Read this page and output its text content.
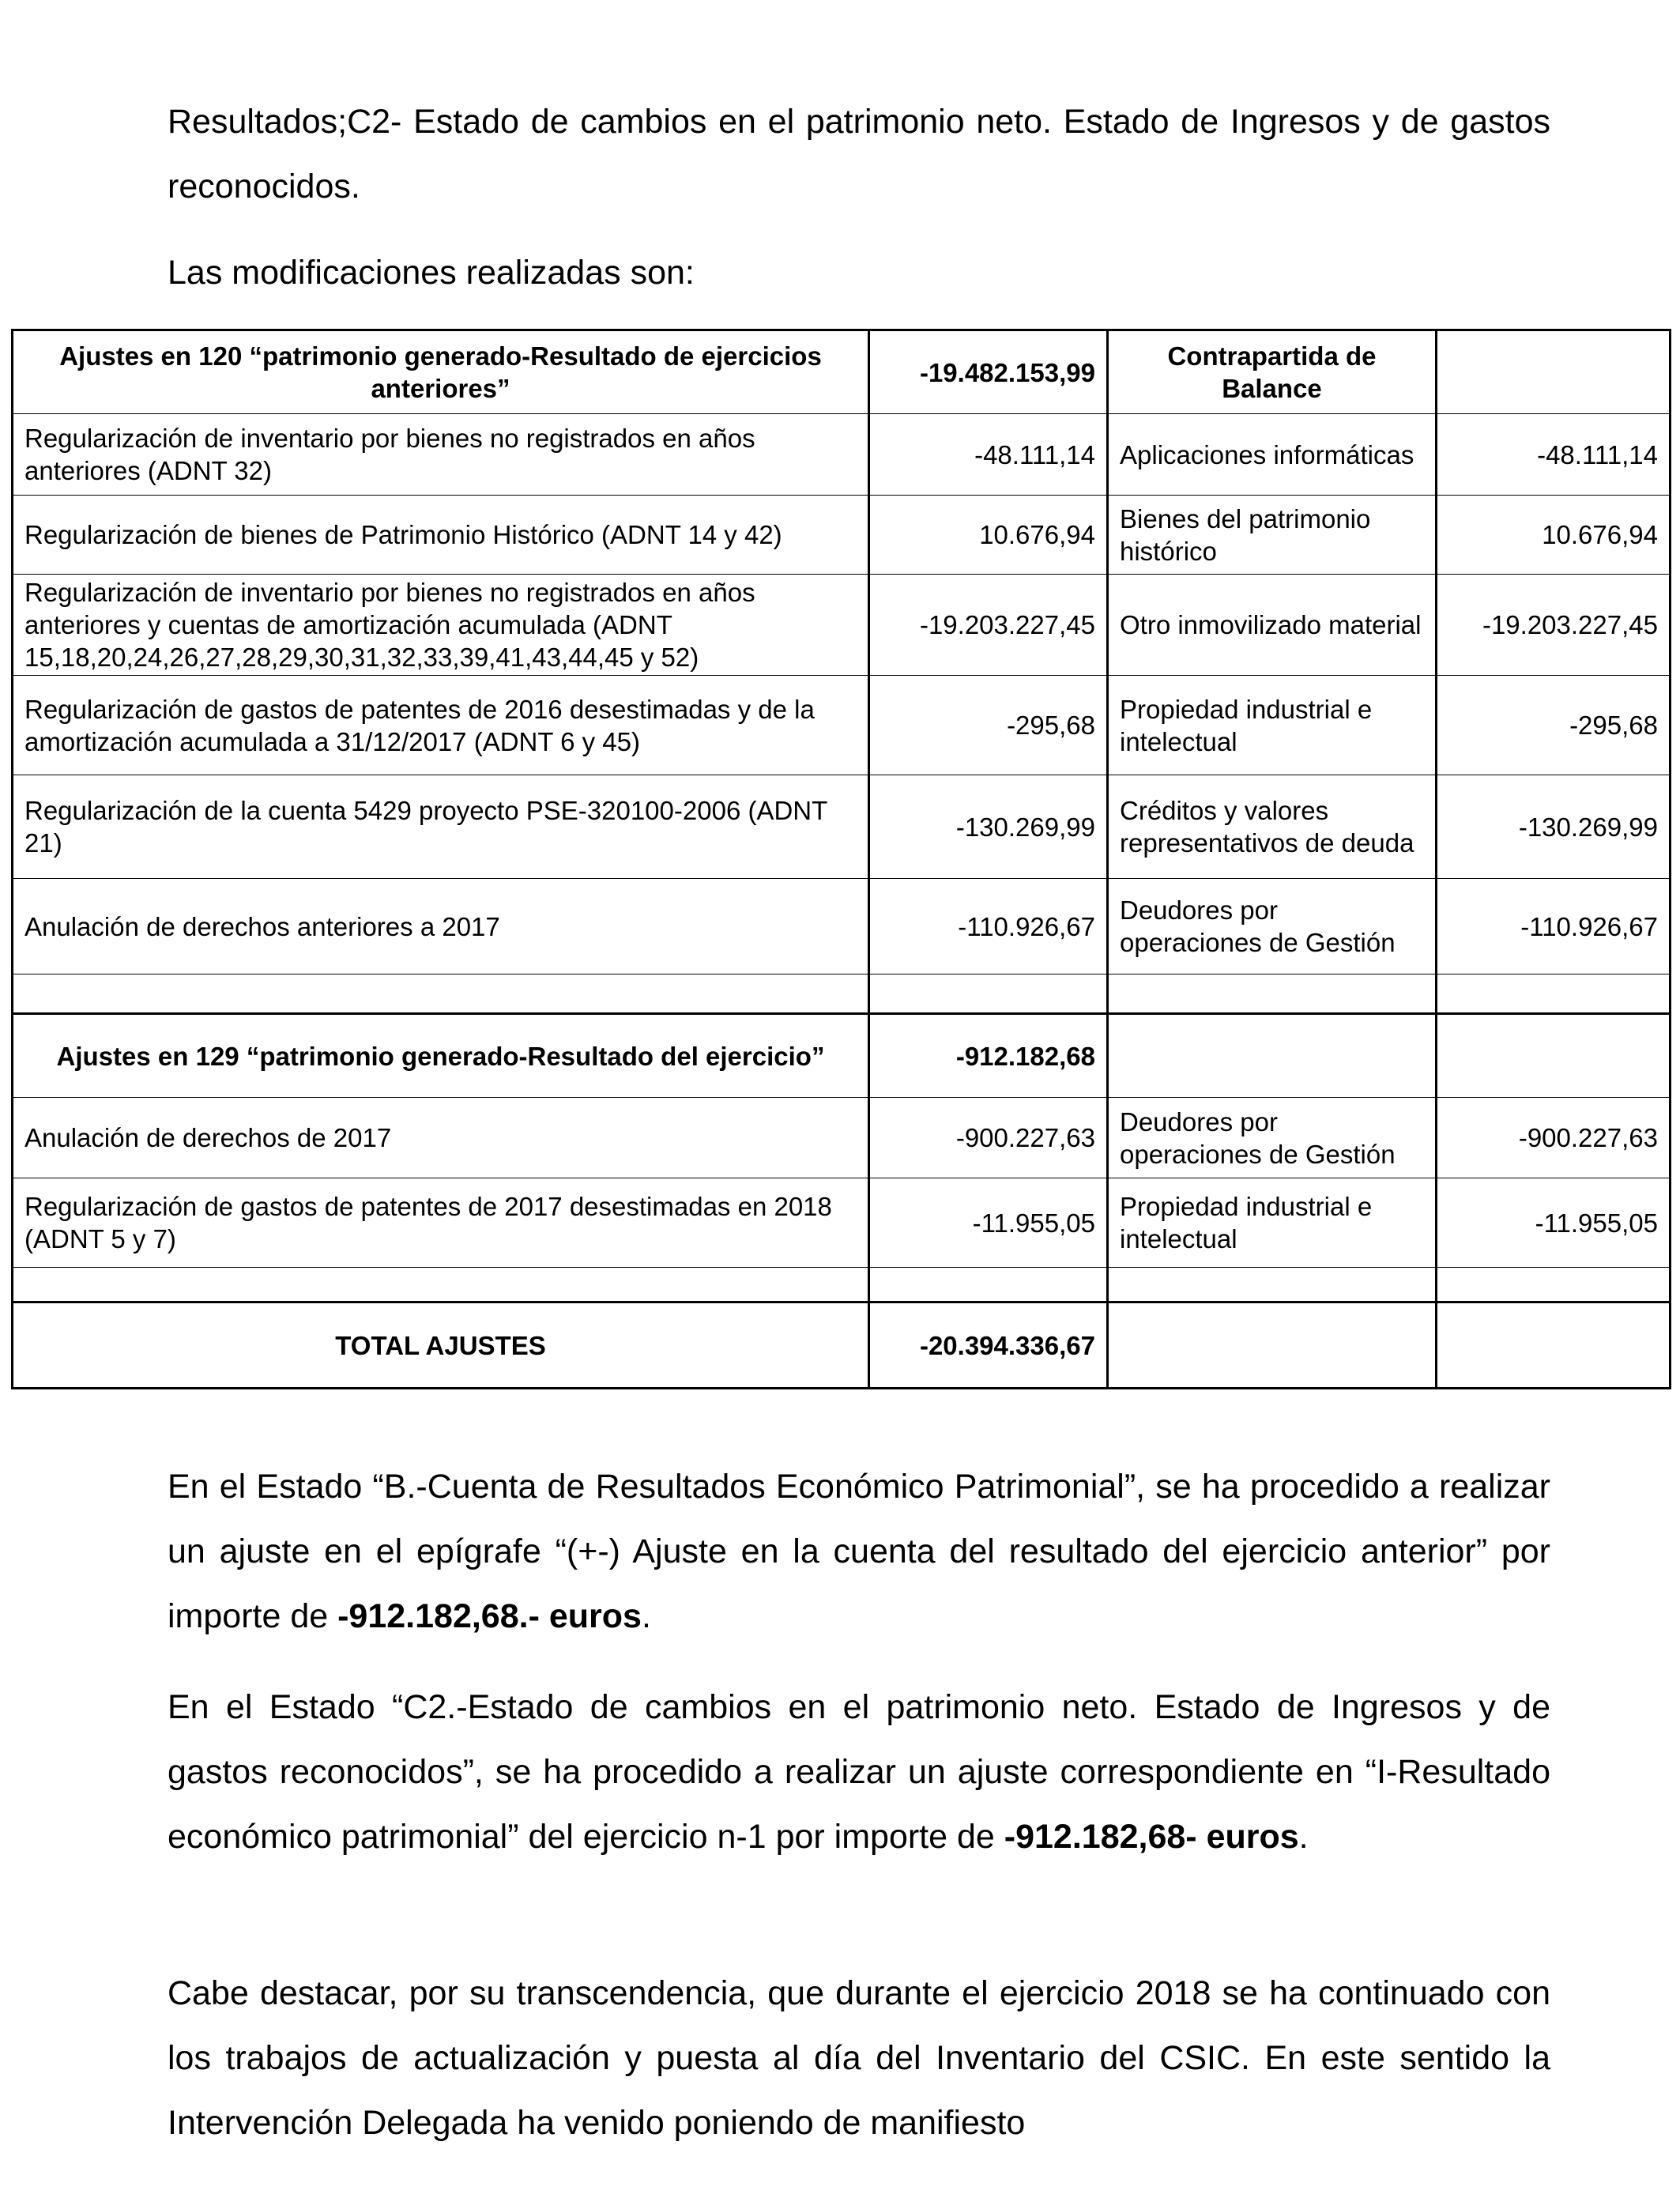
Resultados;C2- Estado de cambios en el patrimonio neto. Estado de Ingresos y de gastos reconocidos.

Las modificaciones realizadas son:

Ajustes en 120 “patrimonio generado-Resultado de ejercicios anteriores”	-19.482.153,99	Contrapartida de Balance	
Regularización de inventario por bienes no registrados en años anteriores (ADNT 32)	-48.111,14	Aplicaciones informáticas	-48.111,14
Regularización de bienes de Patrimonio Histórico (ADNT 14 y 42)	10.676,94	Bienes del patrimonio histórico	10.676,94
Regularización de inventario por bienes no registrados en años anteriores y cuentas de amortización acumulada (ADNT 15,18,20,24,26,27,28,29,30,31,32,33,39,41,43,44,45 y 52)	-19.203.227,45	Otro inmovilizado material	-19.203.227,45
Regularización de gastos de patentes de 2016 desestimadas y de la amortización acumulada a 31/12/2017 (ADNT 6 y 45)	-295,68	Propiedad industrial e intelectual	-295,68
Regularización de la cuenta 5429 proyecto PSE-320100-2006 (ADNT 21)	-130.269,99	Créditos y valores representativos de deuda	-130.269,99
Anulación de derechos anteriores a 2017	-110.926,67	Deudores por operaciones de Gestión	-110.926,67

Ajustes en 129 “patrimonio generado-Resultado del ejercicio”	-912.182,68		
Anulación de derechos de 2017	-900.227,63	Deudores por operaciones de Gestión	-900.227,63
Regularización de gastos de patentes de 2017 desestimadas en 2018 (ADNT 5 y 7)	-11.955,05	Propiedad industrial e intelectual	-11.955,05

TOTAL AJUSTES	-20.394.336,67		

En el Estado “B.-Cuenta de Resultados Económico Patrimonial”, se ha procedido a realizar un ajuste en el epígrafe “(+-) Ajuste en la cuenta del resultado del ejercicio anterior” por importe de -912.182,68.- euros.

En el Estado “C2.-Estado de cambios en el patrimonio neto. Estado de Ingresos y de gastos reconocidos”, se ha procedido a realizar un ajuste correspondiente en “I-Resultado económico patrimonial” del ejercicio n-1 por importe de -912.182,68- euros.

Cabe destacar, por su transcendencia, que durante el ejercicio 2018 se ha continuado con los trabajos de actualización y puesta al día del Inventario del CSIC. En este sentido la Intervención Delegada ha venido poniendo de manifiesto
